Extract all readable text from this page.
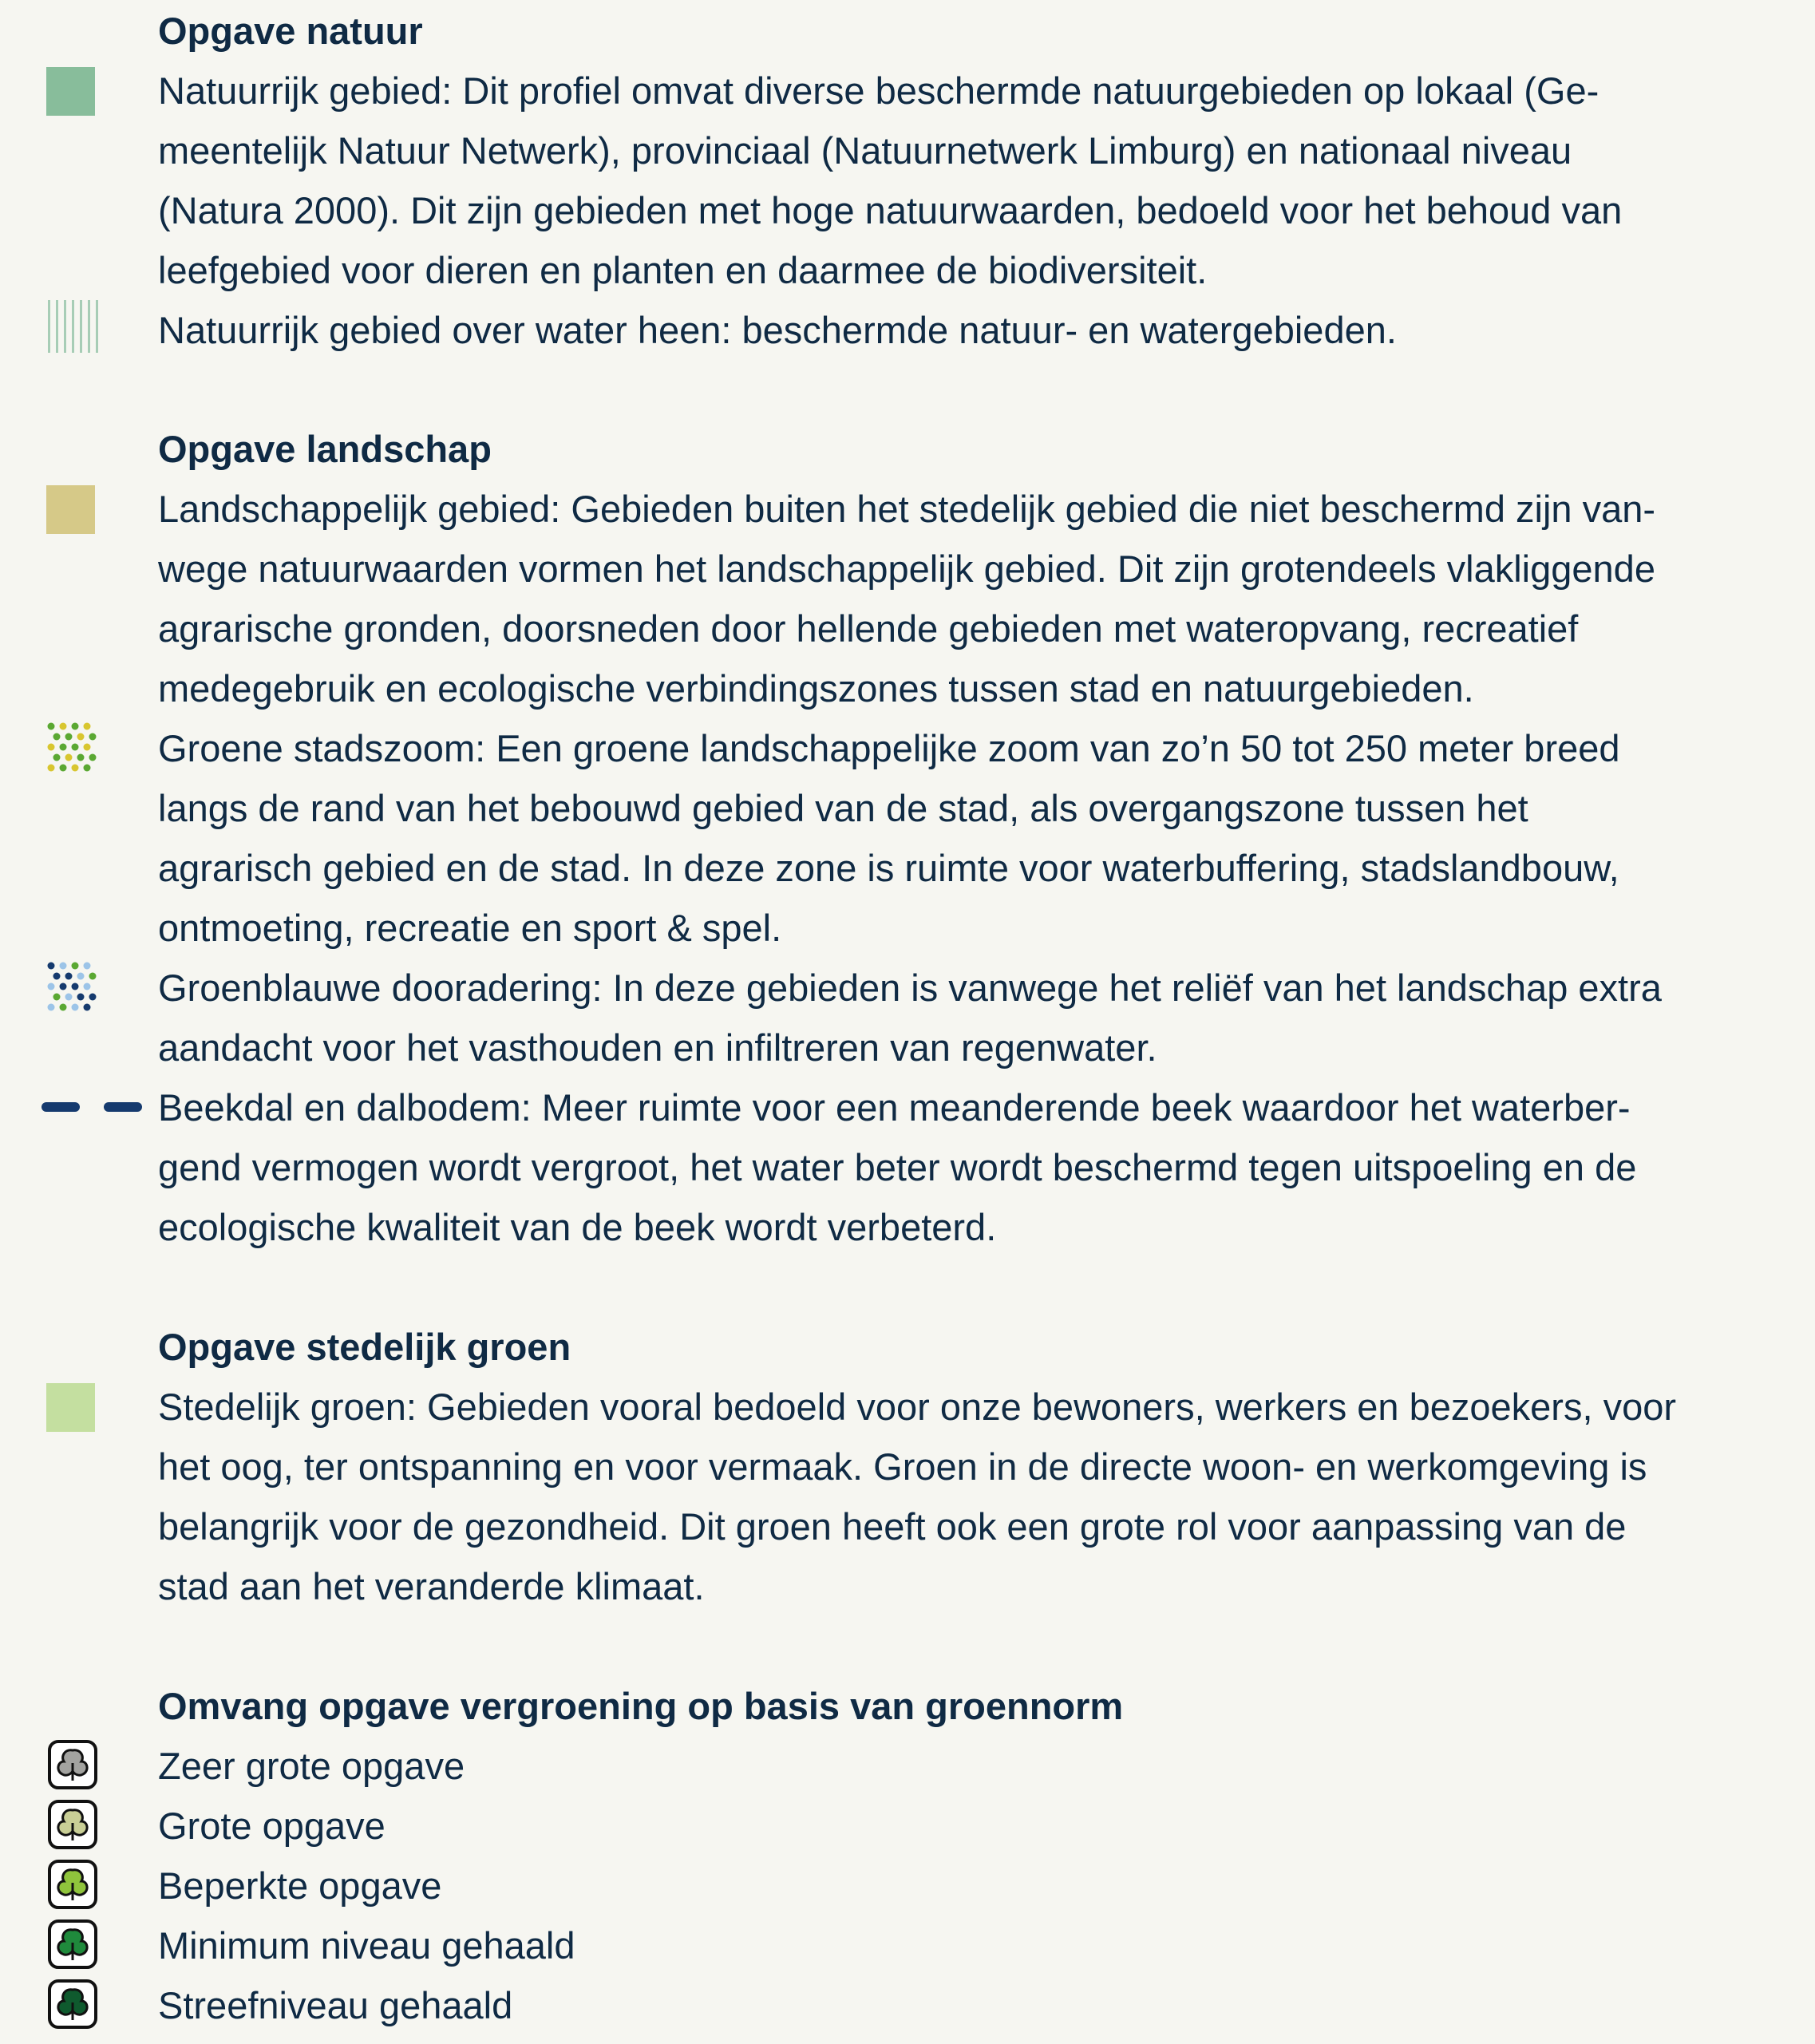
Opgave natuur
Natuurrijk gebied: Dit profiel omvat diverse beschermde natuurgebieden op lokaal (Ge-
meentelijk Natuur Netwerk), provinciaal (Natuurnetwerk Limburg) en nationaal niveau
(Natura 2000). Dit zijn gebieden met hoge natuurwaarden, bedoeld voor het behoud van
leefgebied voor dieren en planten en daarmee de biodiversiteit.
Natuurrijk gebied over water heen: beschermde natuur- en watergebieden.
Opgave landschap
Landschappelijk gebied: Gebieden buiten het stedelijk gebied die niet beschermd zijn van-
wege natuurwaarden vormen het landschappelijk gebied. Dit zijn grotendeels vlakliggende
agrarische gronden, doorsneden door hellende gebieden met wateropvang, recreatief
medegebruik en ecologische verbindingszones tussen stad en natuurgebieden.
Groene stadszoom: Een groene landschappelijke zoom van zo’n 50 tot 250 meter breed
langs de rand van het bebouwd gebied van de stad, als overgangszone tussen het
agrarisch gebied en de stad. In deze zone is ruimte voor waterbuffering, stadslandbouw,
ontmoeting, recreatie en sport & spel.
Groenblauwe dooradering: In deze gebieden is vanwege het reliëf van het landschap extra
aandacht voor het vasthouden en infiltreren van regenwater.
Beekdal en dalbodem: Meer ruimte voor een meanderende beek waardoor het waterber-
gend vermogen wordt vergroot, het water beter wordt beschermd tegen uitspoeling en de
ecologische kwaliteit van de beek wordt verbeterd.
Opgave stedelijk groen
Stedelijk groen: Gebieden vooral bedoeld voor onze bewoners, werkers en bezoekers, voor
het oog, ter ontspanning en voor vermaak. Groen in de directe woon- en werkomgeving is
belangrijk voor de gezondheid. Dit groen heeft ook een grote rol voor aanpassing van de
stad aan het veranderde klimaat.
Omvang opgave vergroening op basis van groennorm
Zeer grote opgave
Grote opgave
Beperkte opgave
Minimum niveau gehaald
Streefniveau gehaald
